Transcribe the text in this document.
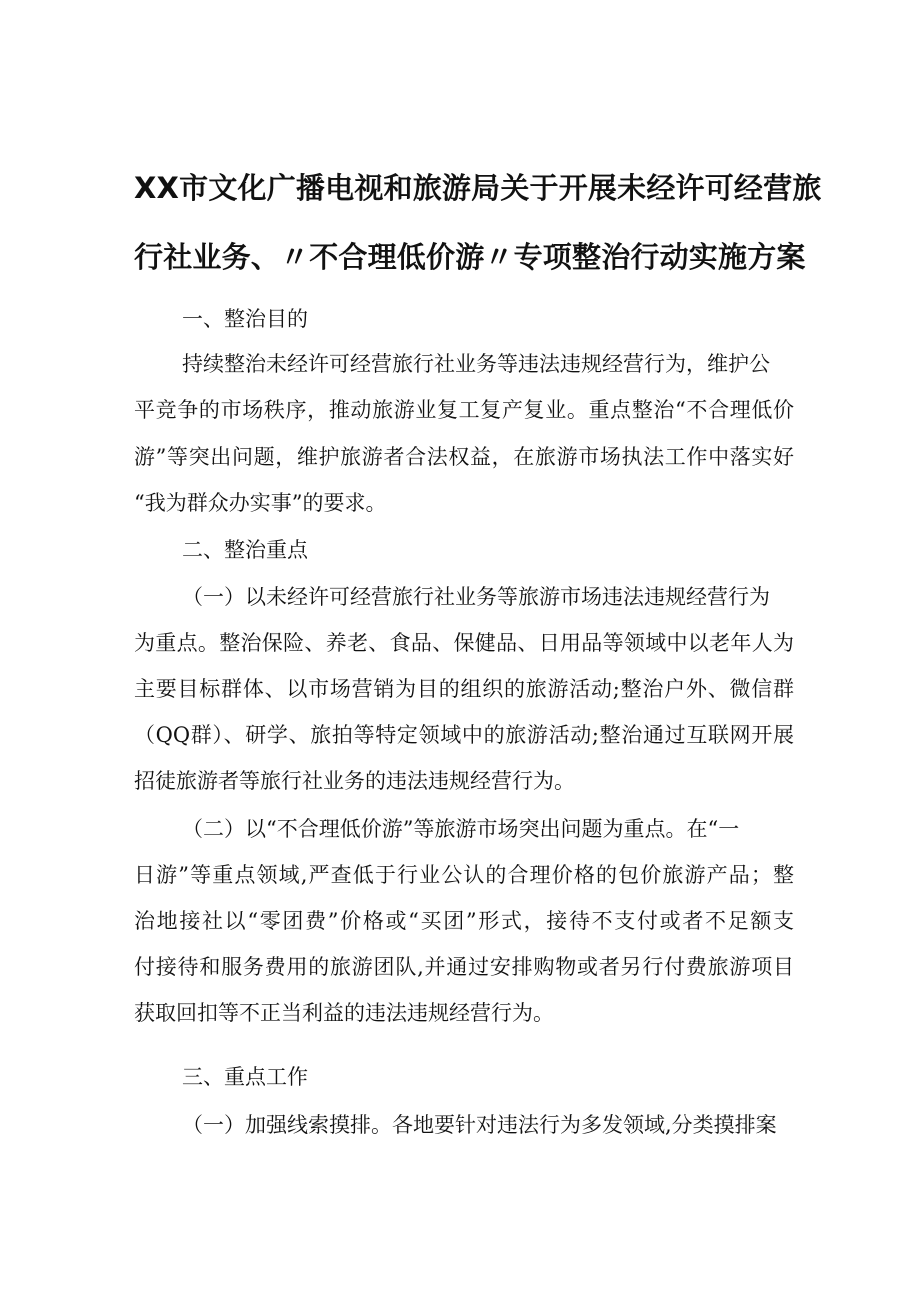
XX市文化广播电视和旅游局关于开展未经许可经营旅
行社业务、〃不合理低价游〃专项整治行动实施方案
一、整治目的
持续整治未经许可经营旅行社业务等违法违规经营行为，维护公
平竞争的市场秩序，推动旅游业复工复产复业。重点整治“不合理低价
游”等突出问题，维护旅游者合法权益，在旅游市场执法工作中落实好
“我为群众办实事”的要求。
二、整治重点
（一）以未经许可经营旅行社业务等旅游市场违法违规经营行为
为重点。整治保险、养老、食品、保健品、日用品等领域中以老年人为
主要目标群体、以市场营销为目的组织的旅游活动;整治户外、微信群
（QQ群）、研学、旅拍等特定领域中的旅游活动;整治通过互联网开展
招徒旅游者等旅行社业务的违法违规经营行为。
（二）以“不合理低价游”等旅游市场突出问题为重点。在“一
日游”等重点领域,严查低于行业公认的合理价格的包价旅游产品；整
治地接社以“零团费”价格或“买团”形式，接待不支付或者不足额支
付接待和服务费用的旅游团队,并通过安排购物或者另行付费旅游项目
获取回扣等不正当利益的违法违规经营行为。
三、重点工作
（一）加强线索摸排。各地要针对违法行为多发领域,分类摸排案
